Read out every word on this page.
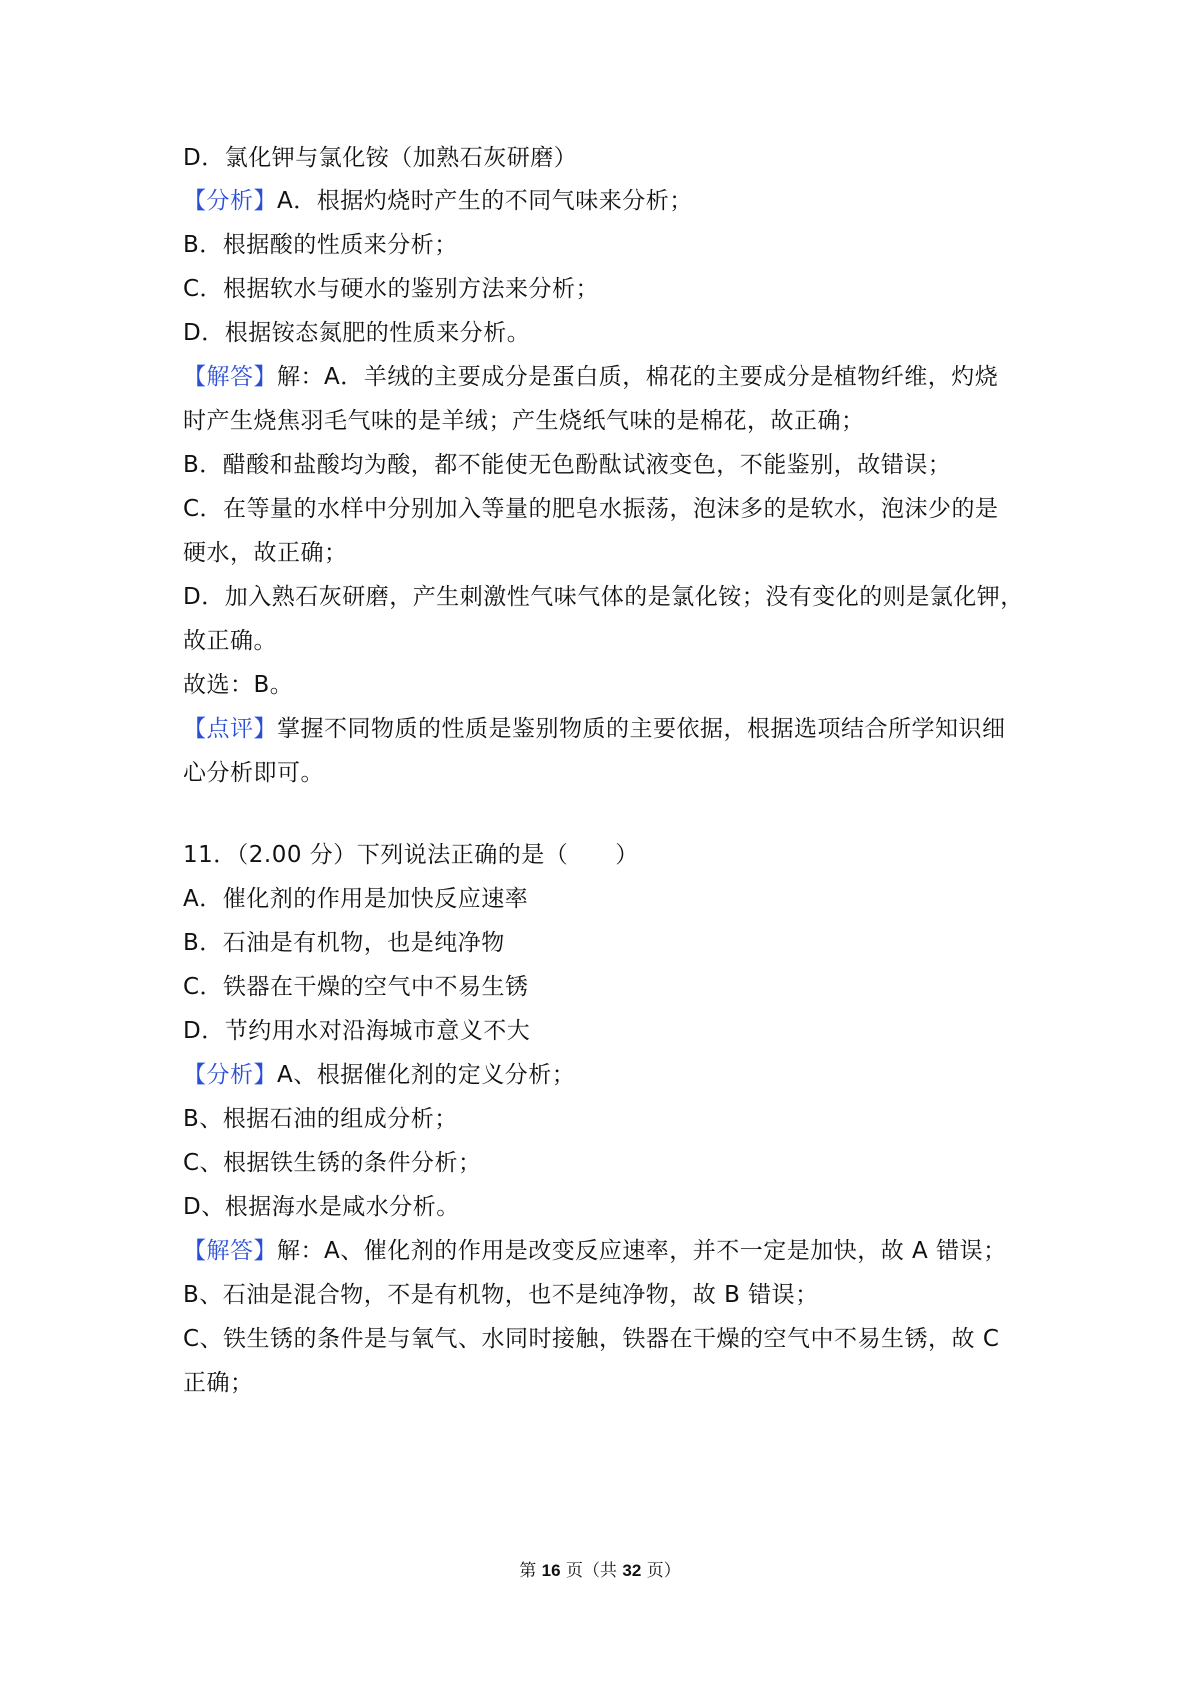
D．氯化钾与氯化铵（加熟石灰研磨）
【分析】A．根据灼烧时产生的不同气味来分析；
B．根据酸的性质来分析；
C．根据软水与硬水的鉴别方法来分析；
D．根据铵态氮肥的性质来分析。
【解答】解：A．羊绒的主要成分是蛋白质，棉花的主要成分是植物纤维，灼烧
时产生烧焦羽毛气味的是羊绒；产生烧纸气味的是棉花，故正确；
B．醋酸和盐酸均为酸，都不能使无色酚酞试液变色，不能鉴别，故错误；
C．在等量的水样中分别加入等量的肥皂水振荡，泡沫多的是软水，泡沫少的是
硬水，故正确；
D．加入熟石灰研磨，产生刺激性气味气体的是氯化铵；没有变化的则是氯化钾，
故正确。
故选：B。
【点评】掌握不同物质的性质是鉴别物质的主要依据，根据选项结合所学知识细
心分析即可。
11．（2.00 分）下列说法正确的是（　　）
A．催化剂的作用是加快反应速率
B．石油是有机物，也是纯净物
C．铁器在干燥的空气中不易生锈
D．节约用水对沿海城市意义不大
【分析】A、根据催化剂的定义分析；
B、根据石油的组成分析；
C、根据铁生锈的条件分析；
D、根据海水是咸水分析。
【解答】解：A、催化剂的作用是改变反应速率，并不一定是加快，故 A 错误；
B、石油是混合物，不是有机物，也不是纯净物，故 B 错误；
C、铁生锈的条件是与氧气、水同时接触，铁器在干燥的空气中不易生锈，故 C
正确；
第 16 页（共 32 页）
